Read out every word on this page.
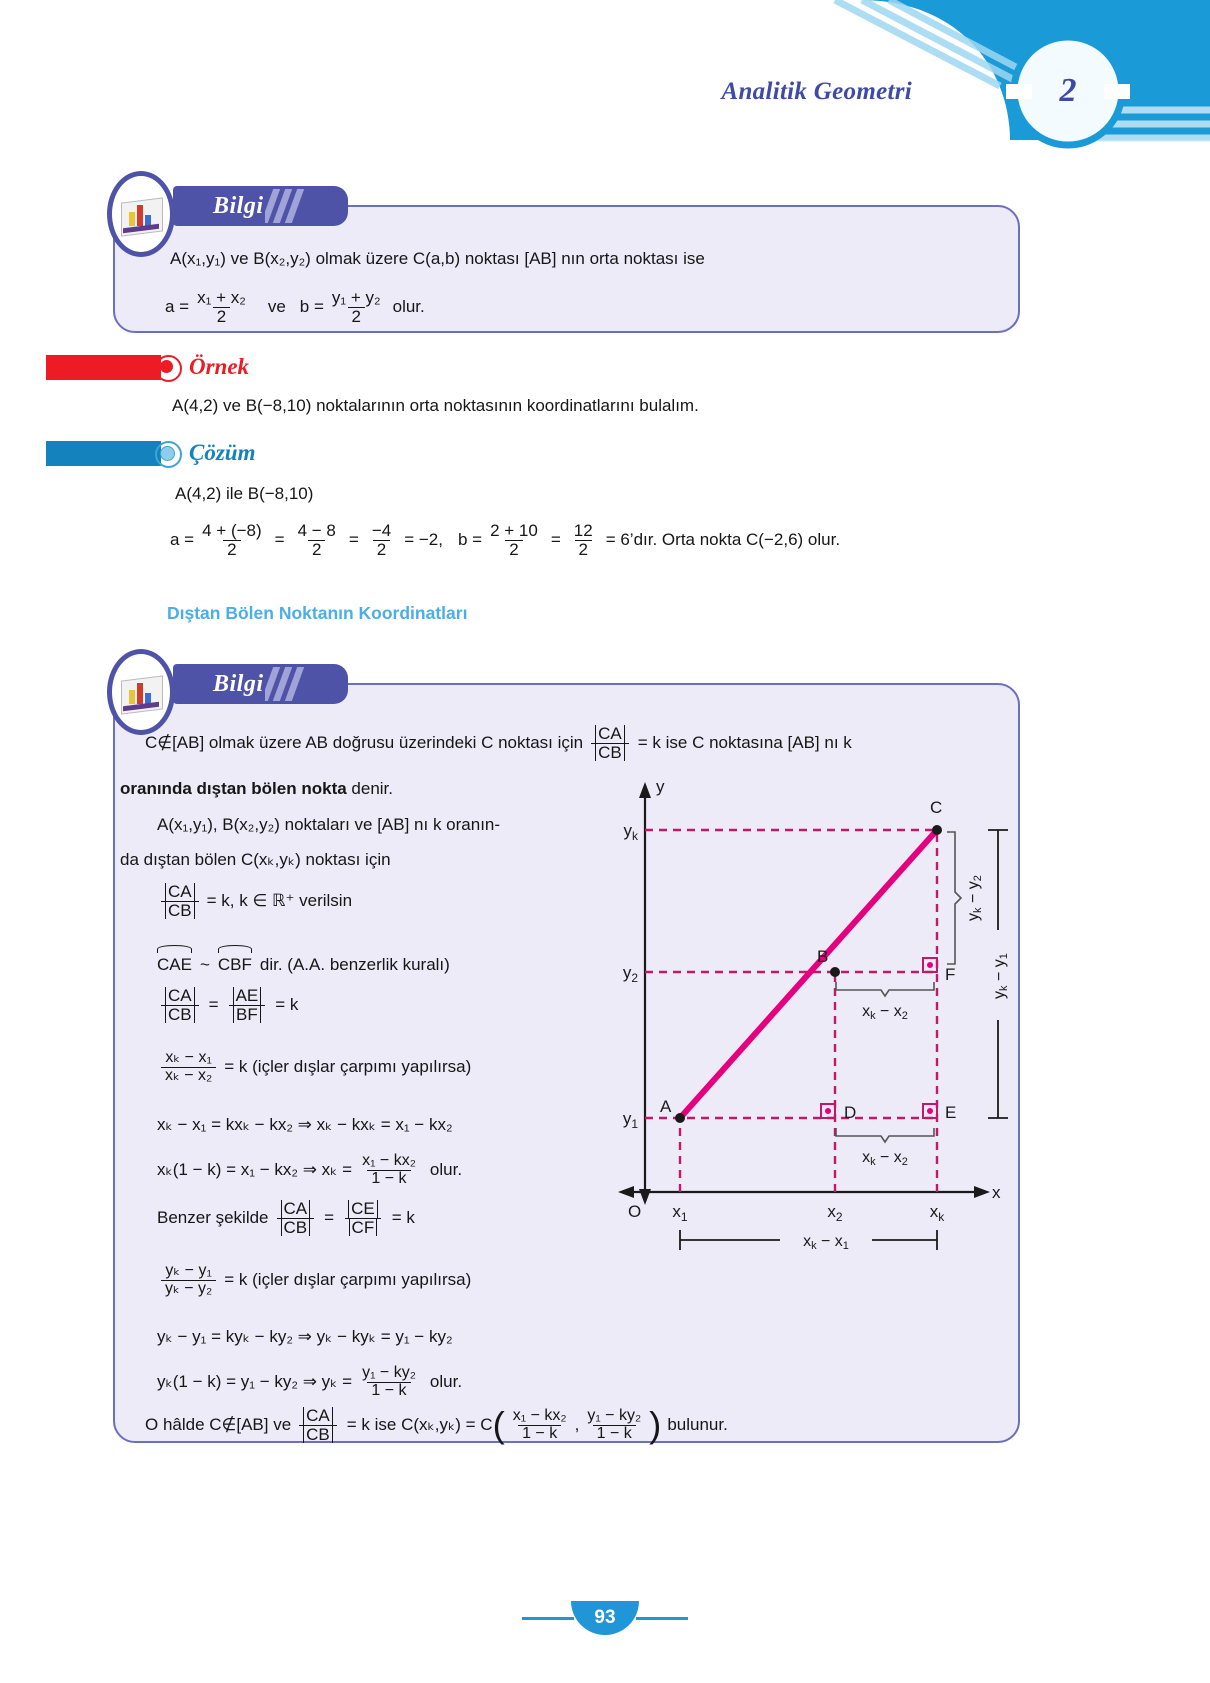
Analitik Geometri	2
Bilgi
A(x₁,y₁) ve B(x₂,y₂) olmak üzere C(a,b) noktası [AB] nın orta noktası ise
$a = \frac{\text{x₁ + x₂}}{2}$ ve $b = \frac{\text{y₁ + y₂}}{2}$ olur.
Örnek
A(4,2) ve B(−8,10) noktalarının orta noktasının koordinatlarını bulalım.
Çözüm
A(4,2) ile B(−8,10)
$a = \frac{4 + (-8)}{2} = \frac{4 - 8}{2} = \frac{-4}{2} = -2$, $b = \frac{2 + 10}{2} = \frac{12}{2}$ = 6’dır. Orta nokta C(−2,6) olur.
Dıştan Bölen Noktanın Koordinatları
Bilgi
C∉[AB] olmak üzere AB doğrusu üzerindeki C noktası için $\frac{CA}{CB} = k$ ise C noktasına [AB] nı k
oranında dıştan bölen nokta denir.
A(x₁,y₁), B(x₂,y₂) noktaları ve [AB] nı k oranın-
da dıştan bölen C(xₖ,yₖ) noktası için
$\frac{CA}{CB} = k$, k ∈ ℝ⁺ verilsin
CAE ~ CBF dir. (A.A. benzerlik kuralı)
$\frac{CA}{CB} = \frac{AE}{BF} = k$
$\frac{\text{xₖ − x₁}}{\text{xₖ − x₂}} = k$ (içler dışlar çarpımı yapılırsa)
xₖ − x₁ = kxₖ − kx₂ ⇒ xₖ − kxₖ = x₁ − kx₂
xₖ(1 − k) = x₁ − kx₂ ⇒ $x_k = \frac{\text{x₁ − kx₂}}{1 - k}$ olur.
Benzer şekilde $\frac{CA}{CB} = \frac{CE}{CF} = k$
$\frac{\text{yₖ − y₁}}{\text{yₖ − y₂}} = k$ (içler dışlar çarpımı yapılırsa)
yₖ − y₁ = kyₖ − ky₂ ⇒ yₖ − kyₖ = y₁ − ky₂
yₖ(1 − k) = y₁ − ky₂ ⇒ $y_k = \frac{\text{y₁ − ky₂}}{1 - k}$ olur.
O hâlde C∉[AB] ve $\frac{CA}{CB} = k$ ise C(xₖ,yₖ) = C ( $\frac{\text{x₁ − kx₂}}{1 - k}$ , $\frac{\text{y₁ − ky₂}}{1 - k}$ ) bulunur.
y
x
O
A
B
C
D	E
F
$y_k$
$y_2$
$y_1$
$x_1$	$x_2$	$x_k$
xk − x2
xk − x2
xk − x1
yk − y2
yk − y1
93
